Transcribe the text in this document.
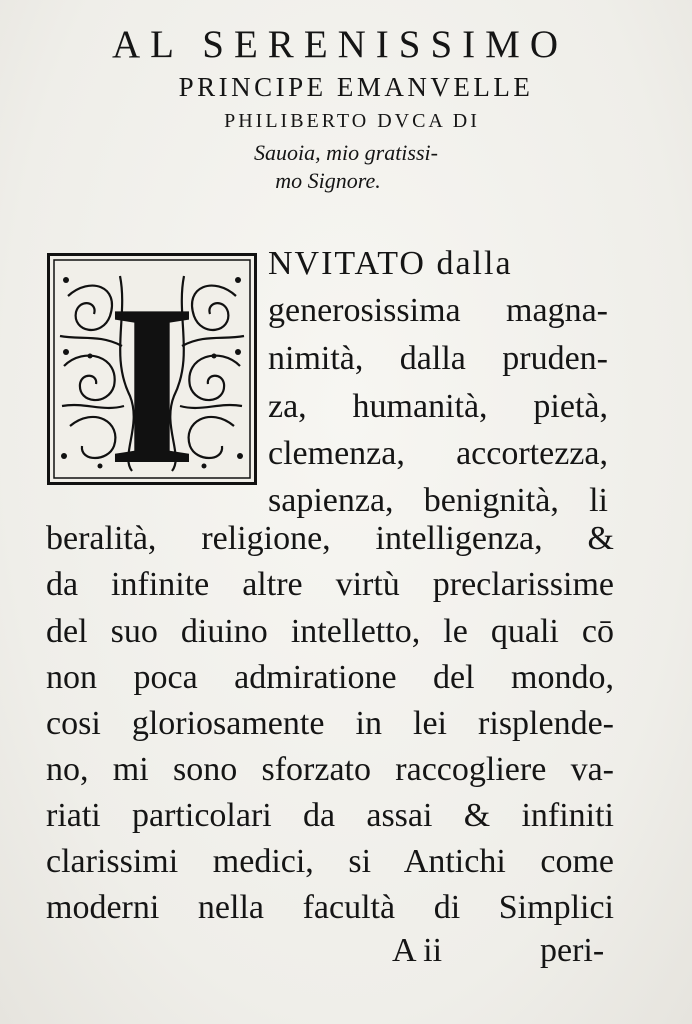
AL SERENISSIMO
PRINCIPE EMANVELLE
PHILIBERTO DVCA DI
Sauoia, mio gratissi-
mo Signore.
I NVITATO dalla
generosissima magna-
nimità, dalla pruden-
za, humanità, pietà,
clemenza, accortezza,
sapienza, benignità, li
beralità, religione, intelligenza, &
da infinite altre virtù preclarissime
del suo diuino intelletto, le quali cō
non poca admiratione del mondo,
cosi gloriosamente in lei risplende-
no, mi sono sforzato raccogliere va-
riati particolari da assai & infiniti
clarissimi medici, si Antichi come
moderni nella facultà di Simplici
A ii	peri-
